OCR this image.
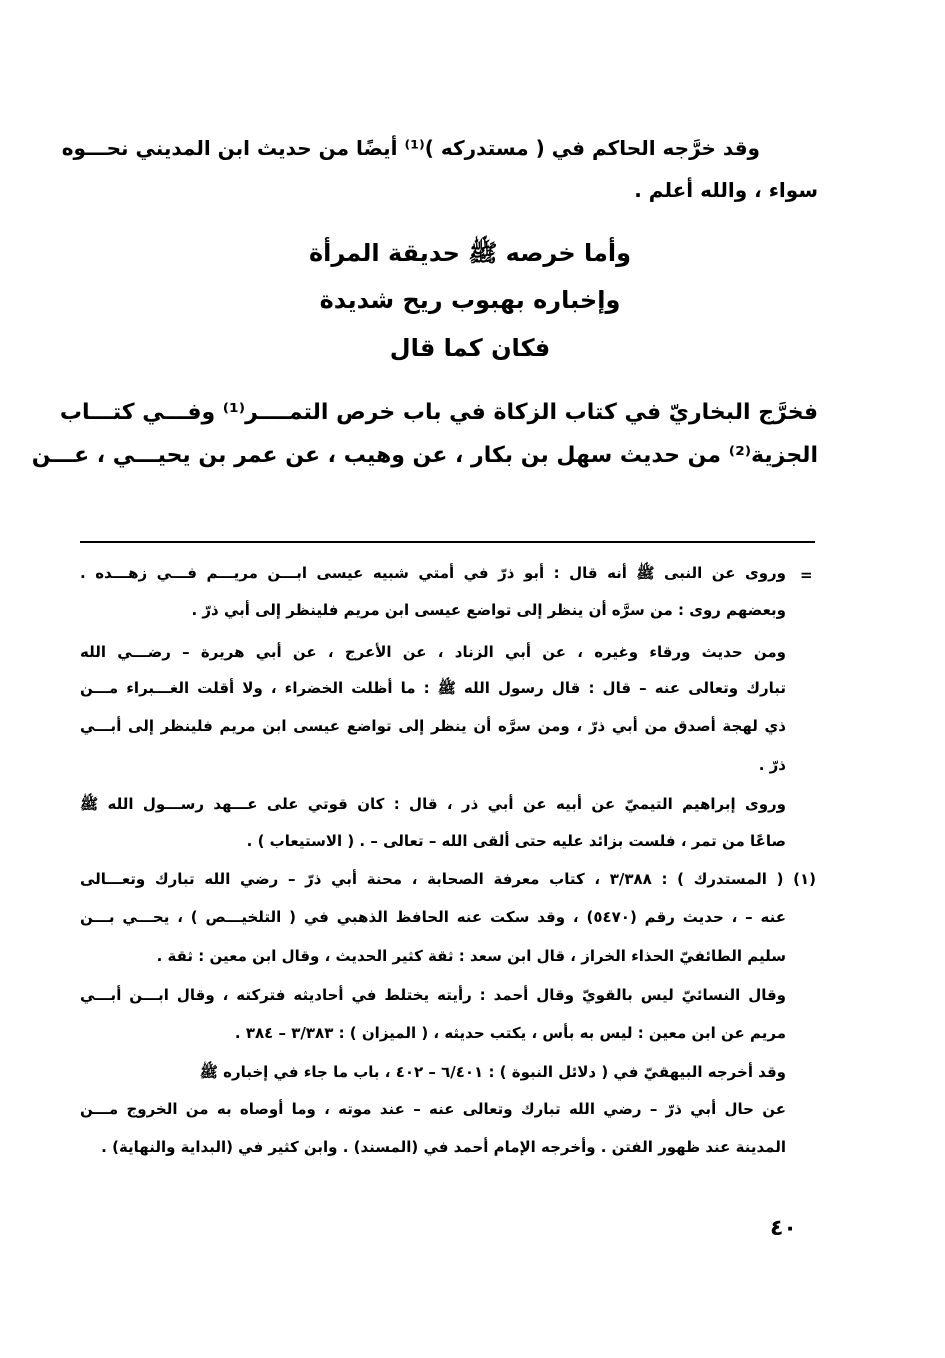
وقد خرَّجه الحاكم في ( مستدركه )⁽¹⁾ أيضًا من حديث ابن المديني نحـــوه
سواء ، والله أعلم .
وأما خرصه ﷺ حديقة المرأة
وإخباره بهبوب ريح شديدة
فكان كما قال
فخرَّج البخاريّ في كتاب الزكاة في باب خرص التمــــر⁽¹⁾ وفـــي كتـــاب
الجزية⁽²⁾ من حديث سهل بن بكار ، عن وهيب ، عن عمر بن يحيـــي ، عـــن
=
وروى عن النبى ﷺ أنه قال : أبو ذرّ في أمتي شبيه عيسى ابـــن مريـــم فـــي زهـــده .
وبعضهم روى : من سرَّه أن ينظر إلى تواضع عيسى ابن مريم فلينظر إلى أبي ذرّ .
ومن حديث ورقاء وغيره ، عن أبي الزناد ، عن الأعرج ، عن أبي هريرة – رضـــي الله
تبارك وتعالى عنه – قال : قال رسول الله ﷺ : ما أظلت الخضراء ، ولا أقلت الغـــبراء مـــن
ذي لهجة أصدق من أبي ذرّ ، ومن سرَّه أن ينظر إلى تواضع عيسى ابن مريم فلينظر إلى أبـــي
ذرّ .
وروى إبراهيم التيميّ عن أبيه عن أبي ذر ، قال : كان قوتي على عـــهد رســـول الله ﷺ
صاعًا من تمر ، فلست بزائد عليه حتى ألقى الله – تعالى – . ( الاستيعاب ) .
(١) ( المستدرك ) : ٣/٣٨٨ ، كتاب معرفة الصحابة ، محنة أبي ذرّ – رضي الله تبارك وتعـــالى
عنه – ، حديث رقم (٥٤٧٠) ، وقد سكت عنه الحافظ الذهبي في ( التلخيـــص ) ، يحـــي بـــن
سليم الطائفيّ الحذاء الخراز ، قال ابن سعد : ثقة كثير الحديث ، وقال ابن معين : ثقة .
وقال النسائيّ ليس بالقويّ وقال أحمد : رأيته يختلط في أحاديثه فتركته ، وقال ابـــن أبـــي
مريم عن ابن معين : ليس به بأس ، يكتب حديثه ، ( الميزان ) : ٣/٣٨٣ – ٣٨٤ .
وقد أخرجه البيهقيّ في ( دلائل النبوة ) : ٦/٤٠١ – ٤٠٢ ، باب ما جاء في إخباره ﷺ
عن حال أبي ذرّ – رضي الله تبارك وتعالى عنه – عند موته ، وما أوصاه به من الخروج مـــن
المدينة عند ظهور الفتن . وأخرجه الإمام أحمد في (المسند) . وابن كثير في (البداية والنهاية) .
٤٠
